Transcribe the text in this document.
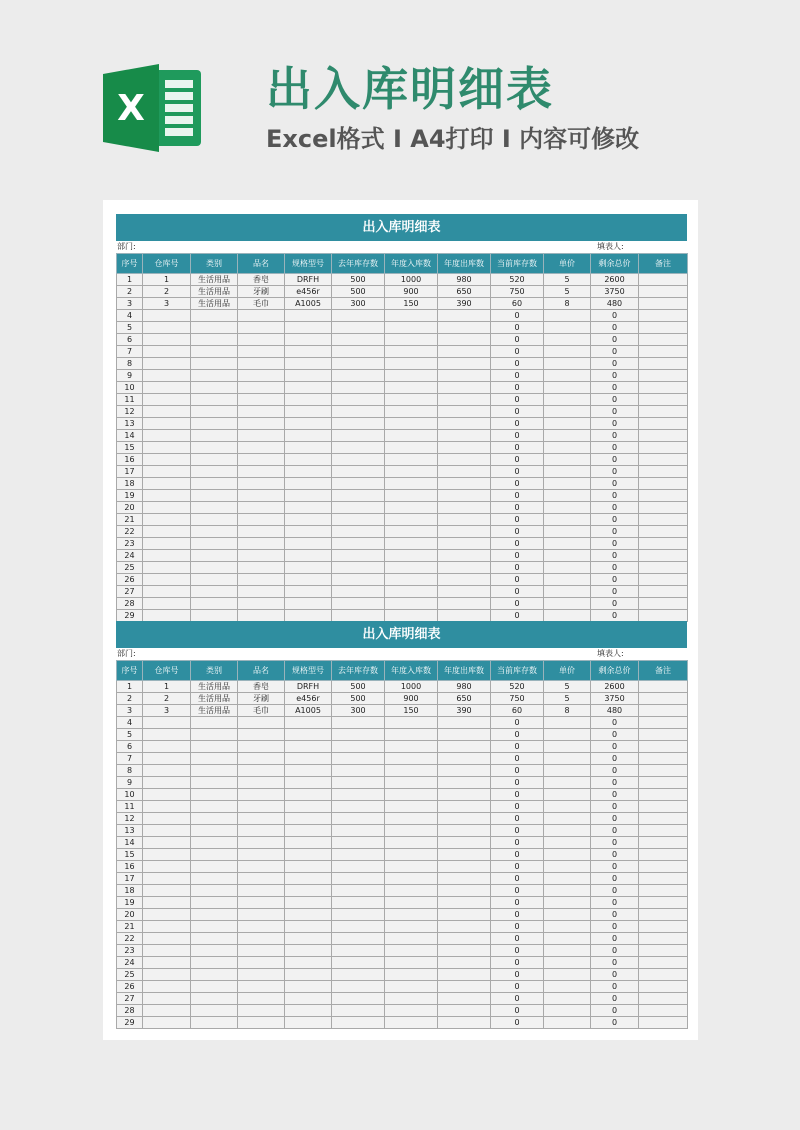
X	出入库明细表
Excel格式 Ⅰ A4打印 Ⅰ 内容可修改
出入库明细表
部门:	填表人:
序号	仓库号	类别	品名	规格型号	去年库存数	年度入库数	年度出库数	当前库存数	单价	剩余总价	备注
1	1	生活用品	香皂	DRFH	500	1000	980	520	5	2600	
2	2	生活用品	牙刷	e456r	500	900	650	750	5	3750	
3	3	生活用品	毛巾	A1005	300	150	390	60	8	480	
4								0		0	
5								0		0	
6								0		0	
7								0		0	
8								0		0	
9								0		0	
10								0		0	
11								0		0	
12								0		0	
13								0		0	
14								0		0	
15								0		0	
16								0		0	
17								0		0	
18								0		0	
19								0		0	
20								0		0	
21								0		0	
22								0		0	
23								0		0	
24								0		0	
25								0		0	
26								0		0	
27								0		0	
28								0		0	
29								0		0	
出入库明细表
部门:	填表人:
序号	仓库号	类别	品名	规格型号	去年库存数	年度入库数	年度出库数	当前库存数	单价	剩余总价	备注
1	1	生活用品	香皂	DRFH	500	1000	980	520	5	2600	
2	2	生活用品	牙刷	e456r	500	900	650	750	5	3750	
3	3	生活用品	毛巾	A1005	300	150	390	60	8	480	
4								0		0	
5								0		0	
6								0		0	
7								0		0	
8								0		0	
9								0		0	
10								0		0	
11								0		0	
12								0		0	
13								0		0	
14								0		0	
15								0		0	
16								0		0	
17								0		0	
18								0		0	
19								0		0	
20								0		0	
21								0		0	
22								0		0	
23								0		0	
24								0		0	
25								0		0	
26								0		0	
27								0		0	
28								0		0	
29								0		0	
